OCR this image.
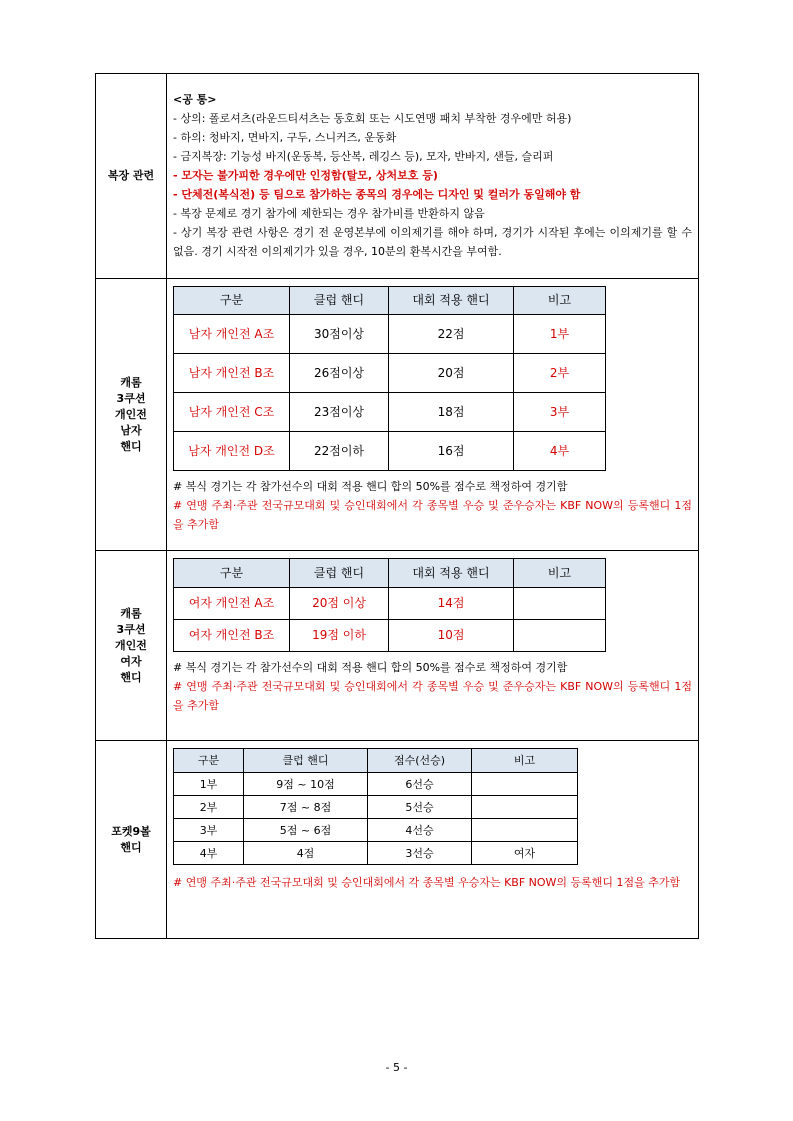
복장 관련	
<공 통>
- 상의: 폴로셔츠(라운드티셔츠는 동호회 또는 시도연맹 패치 부착한 경우에만 허용)
- 하의: 청바지, 면바지, 구두, 스니커즈, 운동화
- 금지복장: 기능성 바지(운동복, 등산복, 레깅스 등), 모자, 반바지, 샌들, 슬리퍼
- 모자는 불가피한 경우에만 인정함(탈모, 상처보호 등)
- 단체전(복식전) 등 팀으로 참가하는 종목의 경우에는 디자인 및 컬러가 동일해야 함
- 복장 문제로 경기 참가에 제한되는 경우 참가비를 반환하지 않음
- 상기 복장 관련 사항은 경기 전 운영본부에 이의제기를 해야 하며, 경기가 시작된 후에는 이의제기를 할 수 없음. 경기 시작전 이의제기가 있을 경우, 10분의 환복시간을 부여함.

캐롬
3쿠션
개인전
남자
핸디

구분	클럽 핸디	대회 적용 핸디	비고
남자 개인전 A조	30점이상	22점	1부
남자 개인전 B조	26점이상	20점	2부
남자 개인전 C조	23점이상	18점	3부
남자 개인전 D조	22점이하	16점	4부
# 복식 경기는 각 참가선수의 대회 적용 핸디 합의 50%를 점수로 책정하여 경기함
# 연맹 주최·주관 전국규모대회 및 승인대회에서 각 종목별 우승 및 준우승자는 KBF NOW의 등록핸디 1점을 추가함

캐롬
3쿠션
개인전
여자
핸디

구분	클럽 핸디	대회 적용 핸디	비고
여자 개인전 A조	20점 이상	14점	
여자 개인전 B조	19점 이하	10점	
# 복식 경기는 각 참가선수의 대회 적용 핸디 합의 50%를 점수로 책정하여 경기함
# 연맹 주최·주관 전국규모대회 및 승인대회에서 각 종목별 우승 및 준우승자는 KBF NOW의 등록핸디 1점을 추가함

포켓9볼
핸디

구분	클럽 핸디	점수(선승)	비고
1부	9점 ~ 10점	6선승	
2부	7점 ~ 8점	5선승	
3부	5점 ~ 6점	4선승	
4부	4점	3선승	여자
# 연맹 주최·주관 전국규모대회 및 승인대회에서 각 종목별 우승자는 KBF NOW의 등록핸디 1점을 추가함
- 5 -
